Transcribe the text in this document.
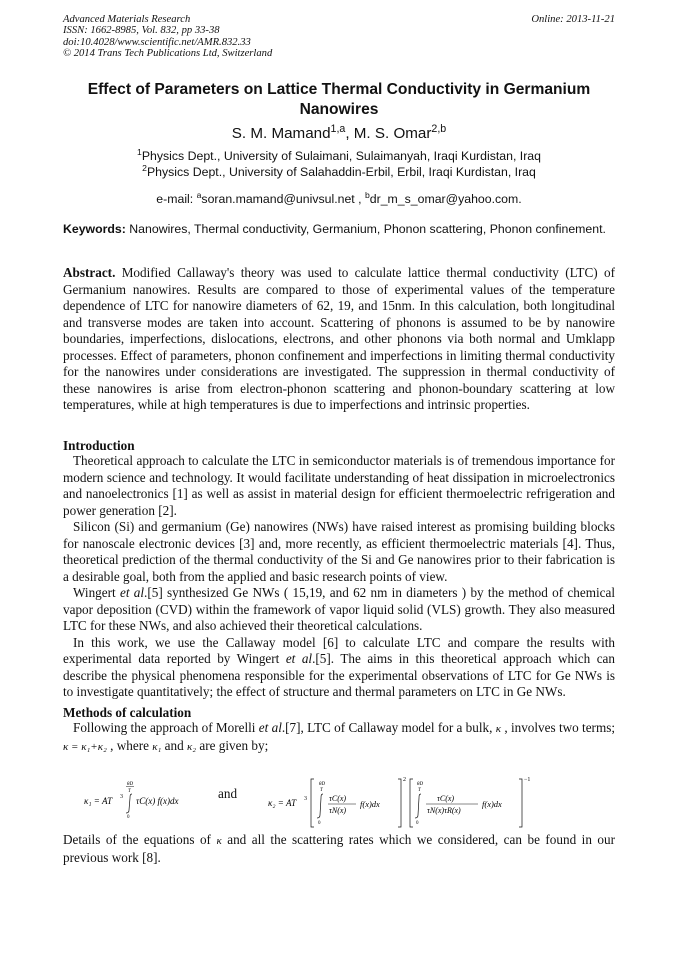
Advanced Materials Research
ISSN: 1662-8985, Vol. 832, pp 33-38
doi:10.4028/www.scientific.net/AMR.832.33
© 2014 Trans Tech Publications Ltd, Switzerland
Online: 2013-11-21
Effect of Parameters on Lattice Thermal Conductivity in Germanium Nanowires
S. M. Mamand$^{1,a}$, M. S. Omar$^{2,b}$
$^1$Physics Dept., University of Sulaimani, Sulaimanyah, Iraqi Kurdistan, Iraq
$^2$Physics Dept., University of Salahaddin-Erbil, Erbil, Iraqi Kurdistan, Iraq
e-mail: $^a$soran.mamand@univsul.net , $^b$dr_m_s_omar@yahoo.com.
Keywords: Nanowires, Thermal conductivity, Germanium, Phonon scattering, Phonon confinement.
Abstract. Modified Callaway's theory was used to calculate lattice thermal conductivity (LTC) of Germanium nanowires. Results are compared to those of experimental values of the temperature dependence of LTC for nanowire diameters of 62, 19, and 15nm. In this calculation, both longitudinal and transverse modes are taken into account. Scattering of phonons is assumed to be by nanowire boundaries, imperfections, dislocations, electrons, and other phonons via both normal and Umklapp processes. Effect of parameters, phonon confinement and imperfections in limiting thermal conductivity for the nanowires under considerations are investigated. The suppression in thermal conductivity of these nanowires is arise from electron-phonon scattering and phonon-boundary scattering at low temperatures, while at high temperatures is due to imperfections and intrinsic properties.
Introduction

Theoretical approach to calculate the LTC in semiconductor materials is of tremendous importance for modern science and technology. It would facilitate understanding of heat dissipation in microelectronics and nanoelectronics [1] as well as assist in material design for efficient thermoelectric refrigeration and power generation [2].

Silicon (Si) and germanium (Ge) nanowires (NWs) have raised interest as promising building blocks for nanoscale electronic devices [3] and, more recently, as efficient thermoelectric materials [4]. Thus, theoretical prediction of the thermal conductivity of the Si and Ge nanowires prior to their fabrication is a desirable goal, both from the applied and basic research points of view.

Wingert et al.[5] synthesized Ge NWs ( 15,19, and 62 nm in diameters ) by the method of chemical vapor deposition (CVD) within the framework of vapor liquid solid (VLS) growth. They also measured LTC for these NWs, and also achieved their theoretical calculations.

In this work, we use the Callaway model [6] to calculate LTC and compare the results with experimental data reported by Wingert et al.[5]. The aims in this theoretical approach which can describe the physical phenomena responsible for the experimental observations of LTC for Ge NWs is to investigate quantitatively; the effect of structure and thermal parameters on LTC in Ge NWs.

Methods of calculation

Following the approach of Morelli et al.[7], LTC of Callaway model for a bulk, κ , involves two terms; κ = κ₁+κ₂ , where κ₁ and κ₂ are given by;

κ₁ = AT 3
θD
T
0
τC(x) f(x)dx	and
κ₂ = AT 3
θD
T
0
τC(x)
τN(x)
f(x)dx
2
θD
T
0
τC(x)
τN(x)τR(x)
f(x)dx
−1
Details of the equations of κ and all the scattering rates which we considered, can be found in our previous work [8].
